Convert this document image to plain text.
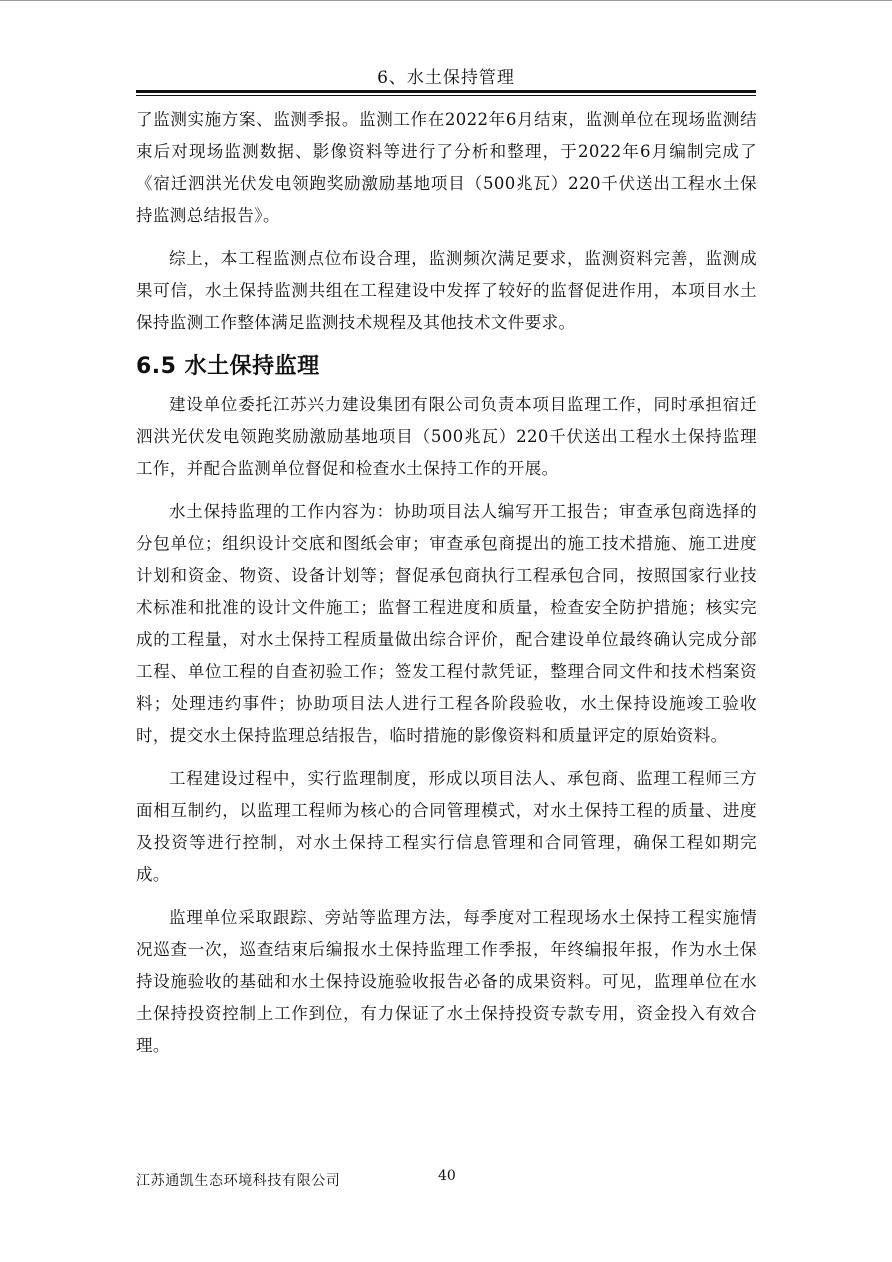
6、水土保持管理

了监测实施方案、监测季报。监测工作在2022年6月结束，监测单位在现场监测结束后对现场监测数据、影像资料等进行了分析和整理，于2022年6月编制完成了《宿迁泗洪光伏发电领跑奖励激励基地项目（500兆瓦）220千伏送出工程水土保持监测总结报告》。

综上，本工程监测点位布设合理，监测频次满足要求，监测资料完善，监测成果可信，水土保持监测共组在工程建设中发挥了较好的监督促进作用，本项目水土保持监测工作整体满足监测技术规程及其他技术文件要求。

6.5 水土保持监理

建设单位委托江苏兴力建设集团有限公司负责本项目监理工作，同时承担宿迁泗洪光伏发电领跑奖励激励基地项目（500兆瓦）220千伏送出工程水土保持监理工作，并配合监测单位督促和检查水土保持工作的开展。

水土保持监理的工作内容为：协助项目法人编写开工报告；审查承包商选择的分包单位；组织设计交底和图纸会审；审查承包商提出的施工技术措施、施工进度计划和资金、物资、设备计划等；督促承包商执行工程承包合同，按照国家行业技术标准和批准的设计文件施工；监督工程进度和质量，检查安全防护措施；核实完成的工程量，对水土保持工程质量做出综合评价，配合建设单位最终确认完成分部工程、单位工程的自查初验工作；签发工程付款凭证，整理合同文件和技术档案资料；处理违约事件；协助项目法人进行工程各阶段验收，水土保持设施竣工验收时，提交水土保持监理总结报告，临时措施的影像资料和质量评定的原始资料。

工程建设过程中，实行监理制度，形成以项目法人、承包商、监理工程师三方面相互制约，以监理工程师为核心的合同管理模式，对水土保持工程的质量、进度及投资等进行控制，对水土保持工程实行信息管理和合同管理，确保工程如期完成。

监理单位采取跟踪、旁站等监理方法，每季度对工程现场水土保持工程实施情况巡查一次，巡查结束后编报水土保持监理工作季报，年终编报年报，作为水土保持设施验收的基础和水土保持设施验收报告必备的成果资料。可见，监理单位在水土保持投资控制上工作到位，有力保证了水土保持投资专款专用，资金投入有效合理。

江苏通凯生态环境科技有限公司	40
